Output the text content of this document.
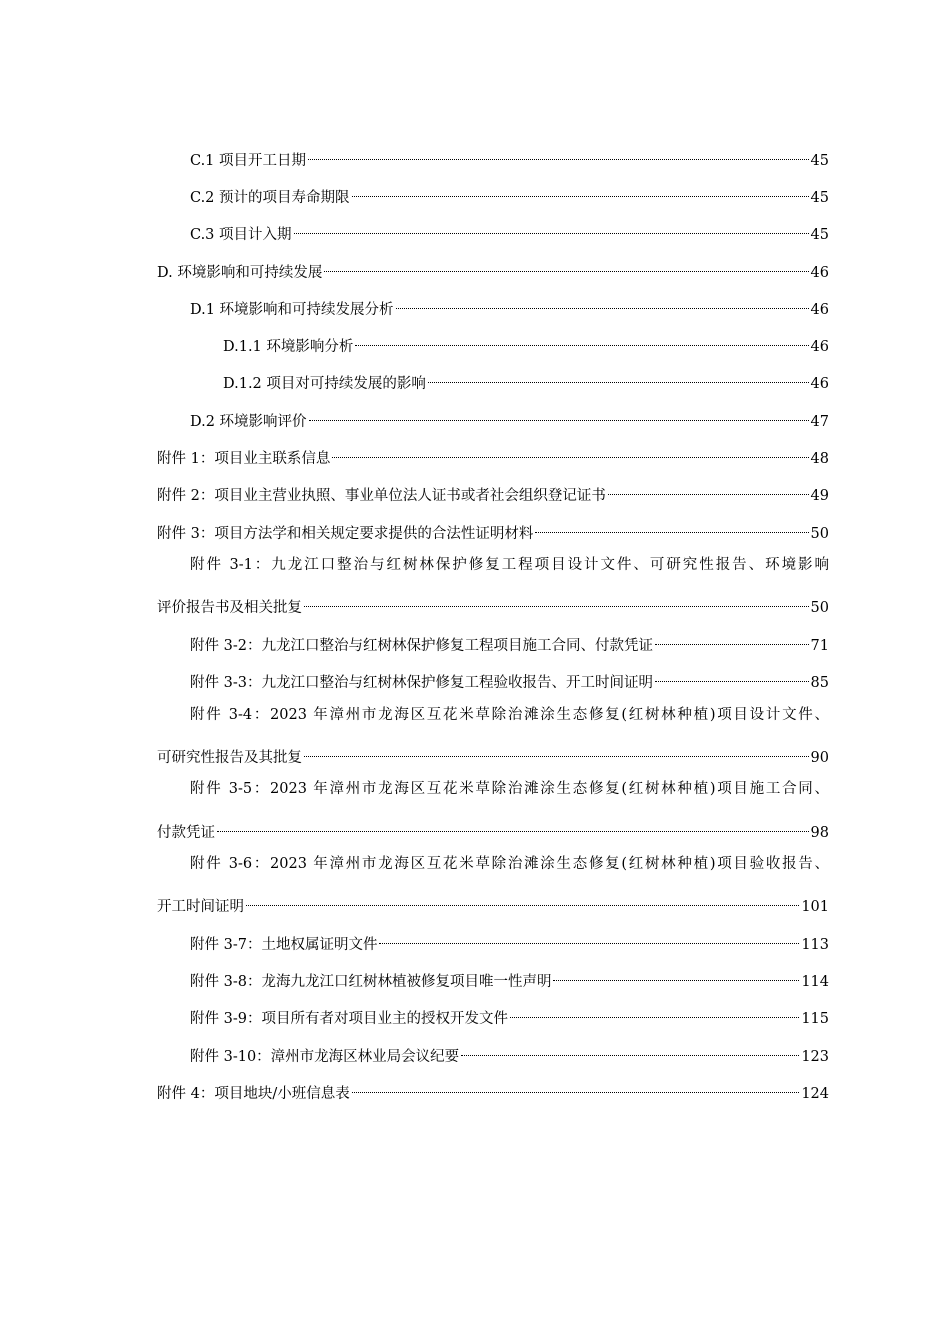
C.1 项目开工日期	45
C.2 预计的项目寿命期限	45
C.3 项目计入期	45
D. 环境影响和可持续发展	46
D.1 环境影响和可持续发展分析	46
D.1.1 环境影响分析	46
D.1.2 项目对可持续发展的影响	46
D.2 环境影响评价	47
附件 1：项目业主联系信息	48
附件 2：项目业主营业执照、事业单位法人证书或者社会组织登记证书	49
附件 3：项目方法学和相关规定要求提供的合法性证明材料	50
附件 3-1：九龙江口整治与红树林保护修复工程项目设计文件、可研究性报告、环境影响
评价报告书及相关批复	50
附件 3-2：九龙江口整治与红树林保护修复工程项目施工合同、付款凭证	71
附件 3-3：九龙江口整治与红树林保护修复工程验收报告、开工时间证明	85
附件 3-4：2023 年漳州市龙海区互花米草除治滩涂生态修复(红树林种植)项目设计文件、
可研究性报告及其批复	90
附件 3-5：2023 年漳州市龙海区互花米草除治滩涂生态修复(红树林种植)项目施工合同、
付款凭证	98
附件 3-6：2023 年漳州市龙海区互花米草除治滩涂生态修复(红树林种植)项目验收报告、
开工时间证明	101
附件 3-7：土地权属证明文件	113
附件 3-8：龙海九龙江口红树林植被修复项目唯一性声明	114
附件 3-9：项目所有者对项目业主的授权开发文件	115
附件 3-10：漳州市龙海区林业局会议纪要	123
附件 4：项目地块/小班信息表	124
